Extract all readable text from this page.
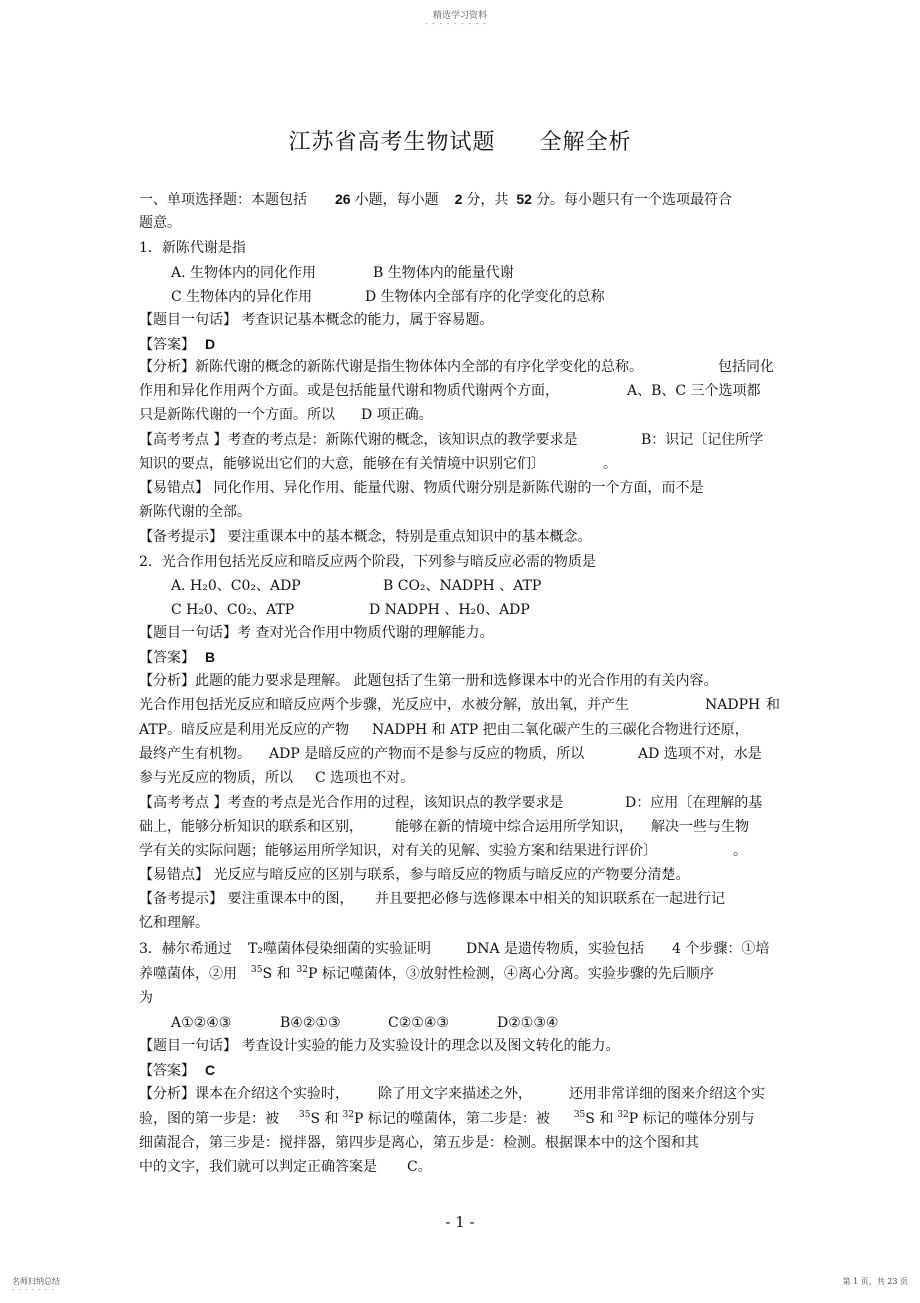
精选学习资料
- - - - - - - - -
江苏省高考生物试题 全解全析
一、单项选择题：本题包括 26 小题，每小题 2 分，共 52 分。每小题只有一个选项最符合
题意。
1．新陈代谢是指
A. 生物体内的同化作用	B 生物体内的能量代谢
C 生物体内的异化作用	D 生物体内全部有序的化学变化的总称
【题目一句话】 考查识记基本概念的能力，属于容易题。
【答案】 D
【分析】新陈代谢的概念的新陈代谢是指生物体体内全部的有序化学变化的总称。	包括同化
作用和异化作用两个方面。或是包括能量代谢和物质代谢两个方面，	A、B、C 三个选项都
只是新陈代谢的一个方面。所以 D 项正确。
【高考考点 】考查的考点是：新陈代谢的概念，该知识点的教学要求是	B：识记〔记住所学
知识的要点，能够说出它们的大意，能够在有关情境中识别它们〕	。
【易错点】 同化作用、异化作用、能量代谢、物质代谢分别是新陈代谢的一个方面，而不是
新陈代谢的全部。
【备考提示】 要注重课本中的基本概念，特别是重点知识中的基本概念。
2．光合作用包括光反应和暗反应两个阶段，下列参与暗反应必需的物质是
A. H₂0、C0₂、ADP	B CO₂、NADPH 、ATP
C H₂0、C0₂、ATP	D NADPH 、H₂0、ADP
【题目一句话】考 查对光合作用中物质代谢的理解能力。
【答案】 B
【分析】此题的能力要求是理解。 此题包括了生第一册和选修课本中的光合作用的有关内容。
光合作用包括光反应和暗反应两个步骤，光反应中，水被分解，放出氧，并产生	NADPH 和
ATP。暗反应是利用光反应的产物 NADPH 和 ATP 把由二氧化碳产生的三碳化合物进行还原，
最终产生有机物。 ADP 是暗反应的产物而不是参与反应的物质，所以	AD 选项不对，水是
参与光反应的物质，所以 C 选项也不对。
【高考考点 】考查的考点是光合作用的过程，该知识点的教学要求是	D：应用〔在理解的基
础上，能够分析知识的联系和区别， 能够在新的情境中综合运用所学知识， 解决一些与生物
学有关的实际问题；能够运用所学知识，对有关的见解、实验方案和结果进行评价〕	。
【易错点】 光反应与暗反应的区别与联系，参与暗反应的物质与暗反应的产物要分清楚。
【备考提示】 要注重课本中的图， 并且要把必修与选修课本中相关的知识联系在一起进行记
忆和理解。
3．赫尔希通过 T₂噬菌体侵染细菌的实验证明	DNA 是遗传物质，实验包括 4 个步骤：①培
养噬菌体，②用 $^{35}$S 和 $^{32}$P 标记噬菌体，③放射性检测，④离心分离。实验步骤的先后顺序
为
A①②④③	B④②①③	C②①④③	D②①③④
【题目一句话】 考查设计实验的能力及实验设计的理念以及图文转化的能力。
【答案】 C
【分析】课本在介绍这个实验时， 除了用文字来描述之外，	还用非常详细的图来介绍这个实
验，图的第一步是：被 $^{35}$S 和 $^{32}$P 标记的噬菌体，第二步是：被	$^{35}$S 和 $^{32}$P 标记的噬体分别与
细菌混合，第三步是：搅拌器，第四步是离心，第五步是：检测。根据课本中的这个图和其
中的文字，我们就可以判定正确答案是 C。
- 1 -
名师归纳总结
- - - - - - -
第 1 页，共 23 页
